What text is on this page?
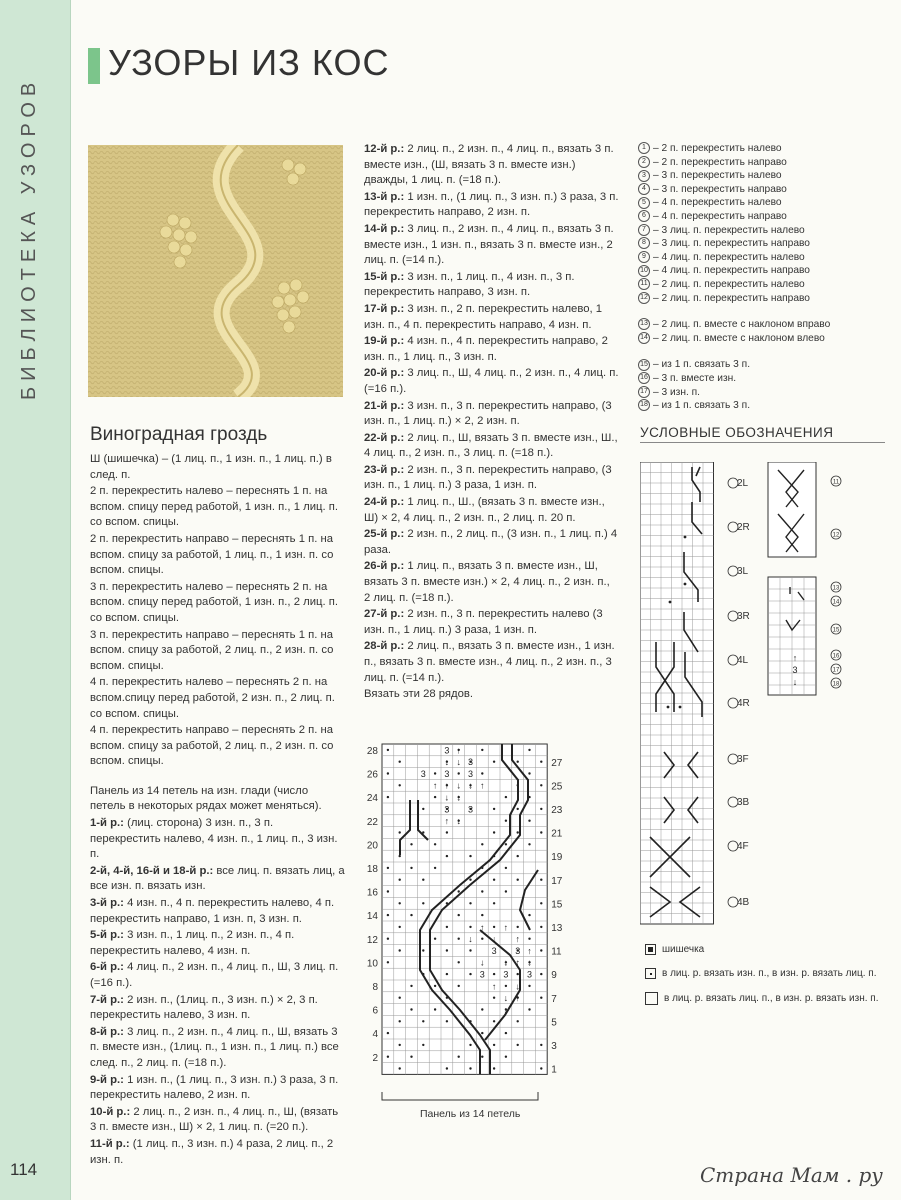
БИБЛИОТЕКА УЗОРОВ
УЗОРЫ ИЗ КОС
Виноградная гроздь

Ш (шишечка) – (1 лиц. п., 1 изн. п., 1 лиц. п.) в след. п.

2 п. перекрестить налево – переснять 1 п. на вспом. спицу перед работой, 1 изн. п., 1 лиц. п. со вспом. спицы.

2 п. перекрестить направо – переснять 1 п. на вспом. спицу за работой, 1 лиц. п., 1 изн. п. со вспом. спицы.

3 п. перекрестить налево – переснять 2 п. на вспом. спицу перед работой, 1 изн. п., 2 лиц. п. со вспом. спицы.

3 п. перекрестить направо – переснять 1 п. на вспом. спицу за работой, 2 лиц. п., 2 изн. п. со вспом. спицы.

4 п. перекрестить налево – переснять 2 п. на вспом.спицу перед работой, 2 изн. п., 2 лиц. п. со вспом. спицы.

4 п. перекрестить направо – переснять 2 п. на вспом. спицу за работой, 2 лиц. п., 2 изн. п. со вспом. спицы.

Панель из 14 петель на изн. глади (число петель в некоторых рядах может меняться).

1-й р.: (лиц. сторона) 3 изн. п., 3 п. перекрестить налево, 4 изн. п., 1 лиц. п., 3 изн. п.

2-й, 4-й, 16-й и 18-й р.: все лиц. п. вязать лиц, а все изн. п. вязать изн.

3-й р.: 4 изн. п., 4 п. перекрестить налево, 4 п. перекрестить направо, 1 изн. п, 3 изн. п.

5-й р.: 3 изн. п., 1 лиц. п., 2 изн. п., 4 п. перекрестить налево, 4 изн. п.

6-й р.: 4 лиц. п., 2 изн. п., 4 лиц. п., Ш, 3 лиц. п. (=16 п.).

7-й р.: 2 изн. п., (1лиц. п., 3 изн. п.) × 2, 3 п. перекрестить налево, 3 изн. п.

8-й р.: 3 лиц. п., 2 изн. п., 4 лиц. п., Ш, вязать 3 п. вместе изн., (1лиц. п., 1 изн. п., 1 лиц. п.) все след. п., 2 лиц. п. (=18 п.).

9-й р.: 1 изн. п., (1 лиц. п., 3 изн. п.) 3 раза, 3 п. перекрестить налево, 2 изн. п.

10-й р.: 2 лиц. п., 2 изн. п., 4 лиц. п., Ш, (вязать 3 п. вместе изн., Ш) × 2, 1 лиц. п. (=20 п.).

11-й р.: (1 лиц. п., 3 изн. п.) 4 раза, 2 лиц. п., 2 изн. п.

12-й р.: 2 лиц. п., 2 изн. п., 4 лиц. п., вязать 3 п. вместе изн., (Ш, вязать 3 п. вместе изн.) дважды, 1 лиц. п. (=18 п.).

13-й р.: 1 изн. п., (1 лиц. п., 3 изн. п.) 3 раза, 3 п. перекрестить направо, 2 изн. п.

14-й р.: 3 лиц. п., 2 изн. п., 4 лиц. п., вязать 3 п. вместе изн., 1 изн. п., вязать 3 п. вместе изн., 2 лиц. п. (=14 п.).

15-й р.: 3 изн. п., 1 лиц. п., 4 изн. п., 3 п. перекрестить направо, 3 изн. п.

17-й р.: 3 изн. п., 2 п. перекрестить налево, 1 изн. п., 4 п. перекрестить направо, 4 изн. п.

19-й р.: 4 изн. п., 4 п. перекрестить направо, 2 изн. п., 1 лиц. п., 3 изн. п.

20-й р.: 3 лиц. п., Ш, 4 лиц. п., 2 изн. п., 4 лиц. п. (=16 п.).

21-й р.: 3 изн. п., 3 п. перекрестить направо, (3 изн. п., 1 лиц. п.) × 2, 2 изн. п.

22-й р.: 2 лиц. п., Ш, вязать 3 п. вместе изн., Ш., 4 лиц. п., 2 изн. п., 3 лиц. п. (=18 п.).

23-й р.: 2 изн. п., 3 п. перекрестить направо, (3 изн. п., 1 лиц. п.) 3 раза, 1 изн. п.

24-й р.: 1 лиц. п., Ш., (вязать 3 п. вместе изн., Ш) × 2, 4 лиц. п., 2 изн. п., 2 лиц. п. 20 п.

25-й р.: 2 изн. п., 2 лиц. п., (3 изн. п., 1 лиц. п.) 4 раза.

26-й р.: 1 лиц. п., вязать 3 п. вместе изн., Ш, вязать 3 п. вместе изн.) × 2, 4 лиц. п., 2 изн. п., 2 лиц. п. (=18 п.).

27-й р.: 2 изн. п., 3 п. перекрестить налево (3 изн. п., 1 лиц. п.) 3 раза, 1 изн. п.

28-й р.: 2 лиц. п., вязать 3 п. вместе изн., 1 изн. п., вязать 3 п. вместе изн., 4 лиц. п., 2 изн. п., 3 лиц. п. (=14 п.).

Вязать эти 28 рядов.

1 – 2 п. перекрестить налево
2 – 2 п. перекрестить направо
3 – 3 п. перекрестить налево
4 – 3 п. перекрестить направо
5 – 4 п. перекрестить налево
6 – 4 п. перекрестить направо
7 – 3 лиц. п. перекрестить налево
8 – 3 лиц. п. перекрестить направо
9 – 4 лиц. п. перекрестить налево
10 – 4 лиц. п. перекрестить направо
11 – 2 лиц. п. перекрестить налево
12 – 2 лиц. п. перекрестить направо
13 – 2 лиц. п. вместе с наклоном вправо
14 – 2 лиц. п. вместе с наклоном влево
15 – из 1 п. связать 3 п.
16 – 3 п. вместе изн.
17 – 3 изн. п.
18 – из 1 п. связать 3 п.
УСЛОВНЫЕ ОБОЗНАЧЕНИЯ
2L
2R
3L
3R
4L
4R
3F
3B
4F
4B
↑
3
↓
11
12
13
14
15
16
17
18
шишечка
в лиц. р. вязать изн. п., в изн. р. вязать лиц. п.
в лиц. р. вязать лиц. п., в изн. р. вязать изн. п.
3 ↑
↓ ↓ 3
3 3 3
↑ ↑ ↓ ↓ ↑
↓ ↓
3 3
↑ ↓
↑ ↑
↓ ↓ ↑
3 3 ↑
↓ ↓ ↑ ↓
3 3 3
↑ ↓
↓ ↑
↓
28
26
24
22
20
18
16
14
12
10
8
6
4
2
27
25
23
21
19
17
15
13
11
9
7
5
3
1
Панель из 14 петель
114	Страна Мам . ру
